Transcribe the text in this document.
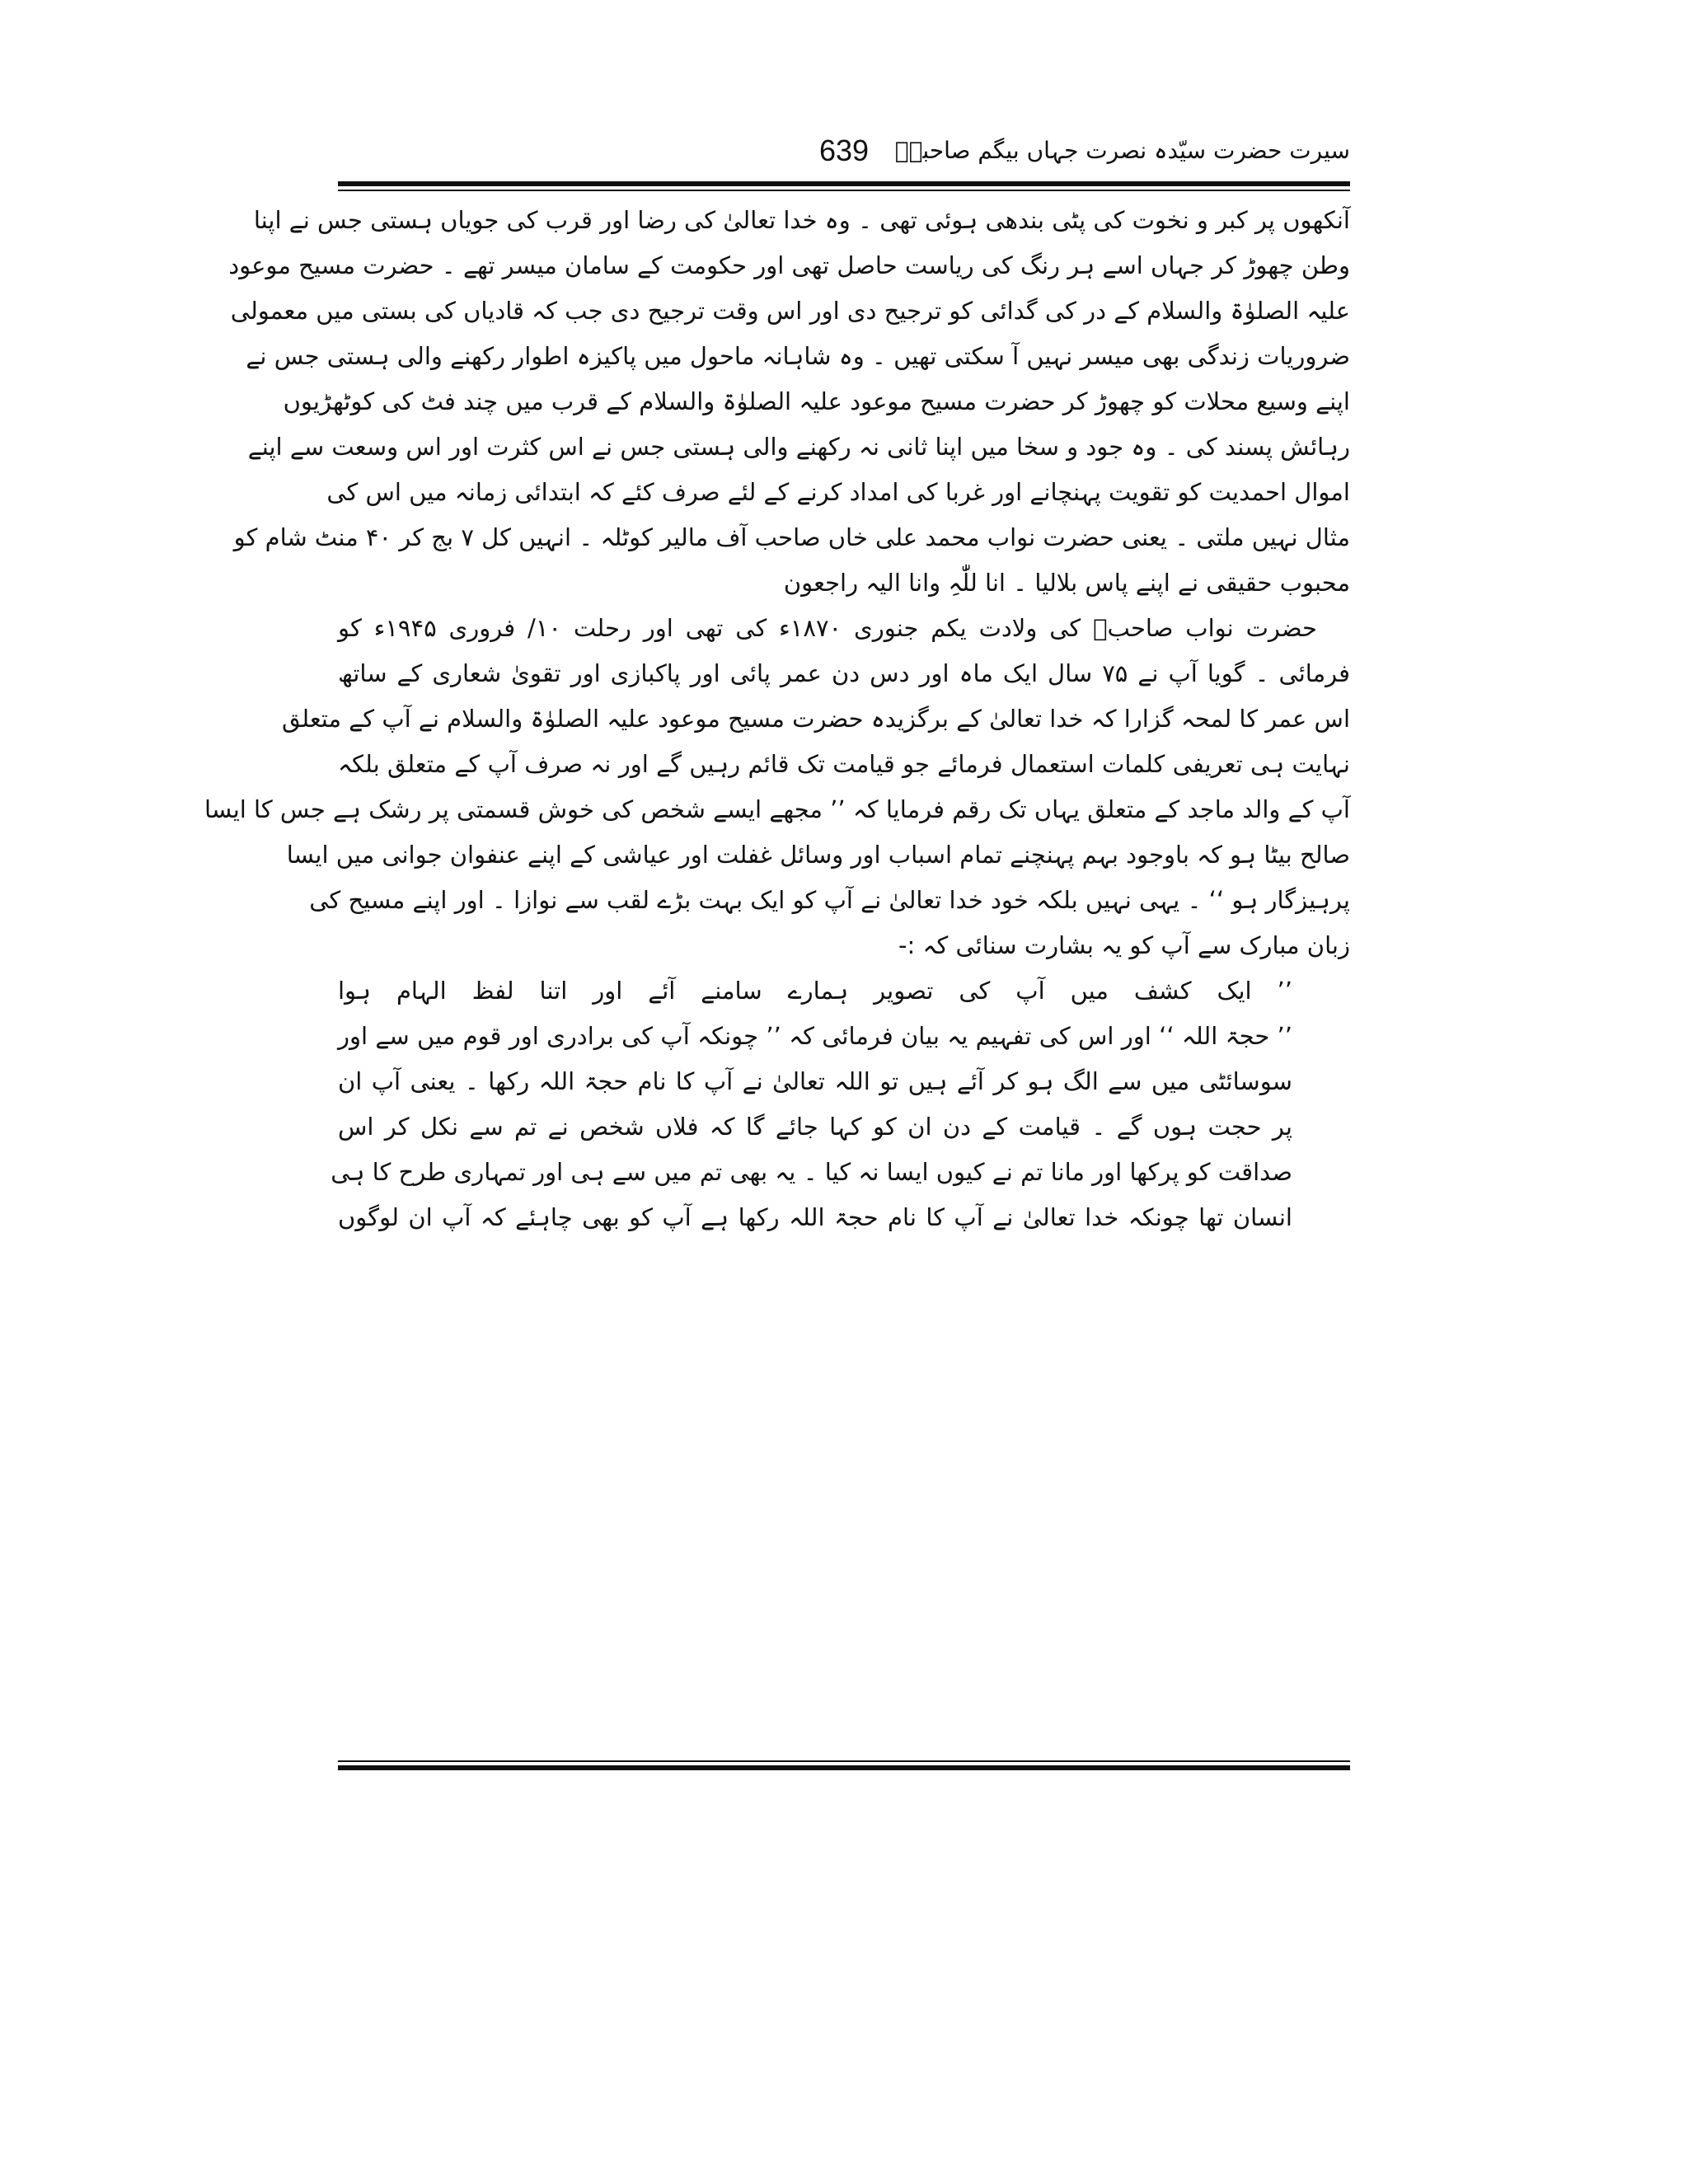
سیرت حضرت سیّدہ نصرت جہاں بیگم صاحبہؓ
639
آنکھوں پر کبر و نخوت کی پٹی بندھی ہوئی تھی ۔ وہ خدا تعالیٰ کی رضا اور قرب کی جویاں ہستی جس نے اپنا
وطن چھوڑ کر جہاں اسے ہر رنگ کی ریاست حاصل تھی اور حکومت کے سامان میسر تھے ۔ حضرت مسیح موعود
علیہ الصلوٰۃ والسلام کے در کی گدائی کو ترجیح دی اور اس وقت ترجیح دی جب کہ قادیاں کی بستی میں معمولی
ضروریات زندگی بھی میسر نہیں آ سکتی تھیں ۔ وہ شاہانہ ماحول میں پاکیزہ اطوار رکھنے والی ہستی جس نے
اپنے وسیع محلات کو چھوڑ کر حضرت مسیح موعود علیہ الصلوٰۃ والسلام کے قرب میں چند فٹ کی کوٹھڑیوں
رہائش پسند کی ۔ وہ جود و سخا میں اپنا ثانی نہ رکھنے والی ہستی جس نے اس کثرت اور اس وسعت سے اپنے
اموال احمدیت کو تقویت پہنچانے اور غربا کی امداد کرنے کے لئے صرف کئے کہ ابتدائی زمانہ میں اس کی
مثال نہیں ملتی ۔ یعنی حضرت نواب محمد علی خاں صاحب آف مالیر کوٹلہ ۔ انہیں کل ۷ بج کر ۴۰ منٹ شام کو
محبوب حقیقی نے اپنے پاس بلالیا ۔ انا للّٰہِ وانا الیہ راجعون
حضرت نواب صاحبؓ کی ولادت یکم جنوری ۱۸۷۰ء کی تھی اور رحلت ۱۰/ فروری ۱۹۴۵ء کو
فرمائی ۔ گویا آپ نے ۷۵ سال ایک ماہ اور دس دن عمر پائی اور پاکبازی اور تقویٰ شعاری کے ساتھ
اس عمر کا لمحہ گزارا کہ خدا تعالیٰ کے برگزیدہ حضرت مسیح موعود علیہ الصلوٰۃ والسلام نے آپ کے متعلق
نہایت ہی تعریفی کلمات استعمال فرمائے جو قیامت تک قائم رہیں گے اور نہ صرف آپ کے متعلق بلکہ
آپ کے والد ماجد کے متعلق یہاں تک رقم فرمایا کہ ’’ مجھے ایسے شخص کی خوش قسمتی پر رشک ہے جس کا ایسا
صالح بیٹا ہو کہ باوجود بہم پہنچنے تمام اسباب اور وسائل غفلت اور عیاشی کے اپنے عنفوان جوانی میں ایسا
پرہیزگار ہو ‘‘ ۔ یہی نہیں بلکہ خود خدا تعالیٰ نے آپ کو ایک بہت بڑے لقب سے نوازا ۔ اور اپنے مسیح کی
زبان مبارک سے آپ کو یہ بشارت سنائی کہ :-
’’ ایک کشف میں آپ کی تصویر ہمارے سامنے آئے اور اتنا لفظ الہام ہوا
’’ حجۃ اللہ ‘‘ اور اس کی تفہیم یہ بیان فرمائی کہ ’’ چونکہ آپ کی برادری اور قوم میں سے اور
سوسائٹی میں سے الگ ہو کر آئے ہیں تو اللہ تعالیٰ نے آپ کا نام حجۃ اللہ رکھا ۔ یعنی آپ ان
پر حجت ہوں گے ۔ قیامت کے دن ان کو کہا جائے گا کہ فلاں شخص نے تم سے نکل کر اس
صداقت کو پرکھا اور مانا تم نے کیوں ایسا نہ کیا ۔ یہ بھی تم میں سے ہی اور تمہاری طرح کا ہی
انسان تھا چونکہ خدا تعالیٰ نے آپ کا نام حجۃ اللہ رکھا ہے آپ کو بھی چاہئے کہ آپ ان لوگوں
